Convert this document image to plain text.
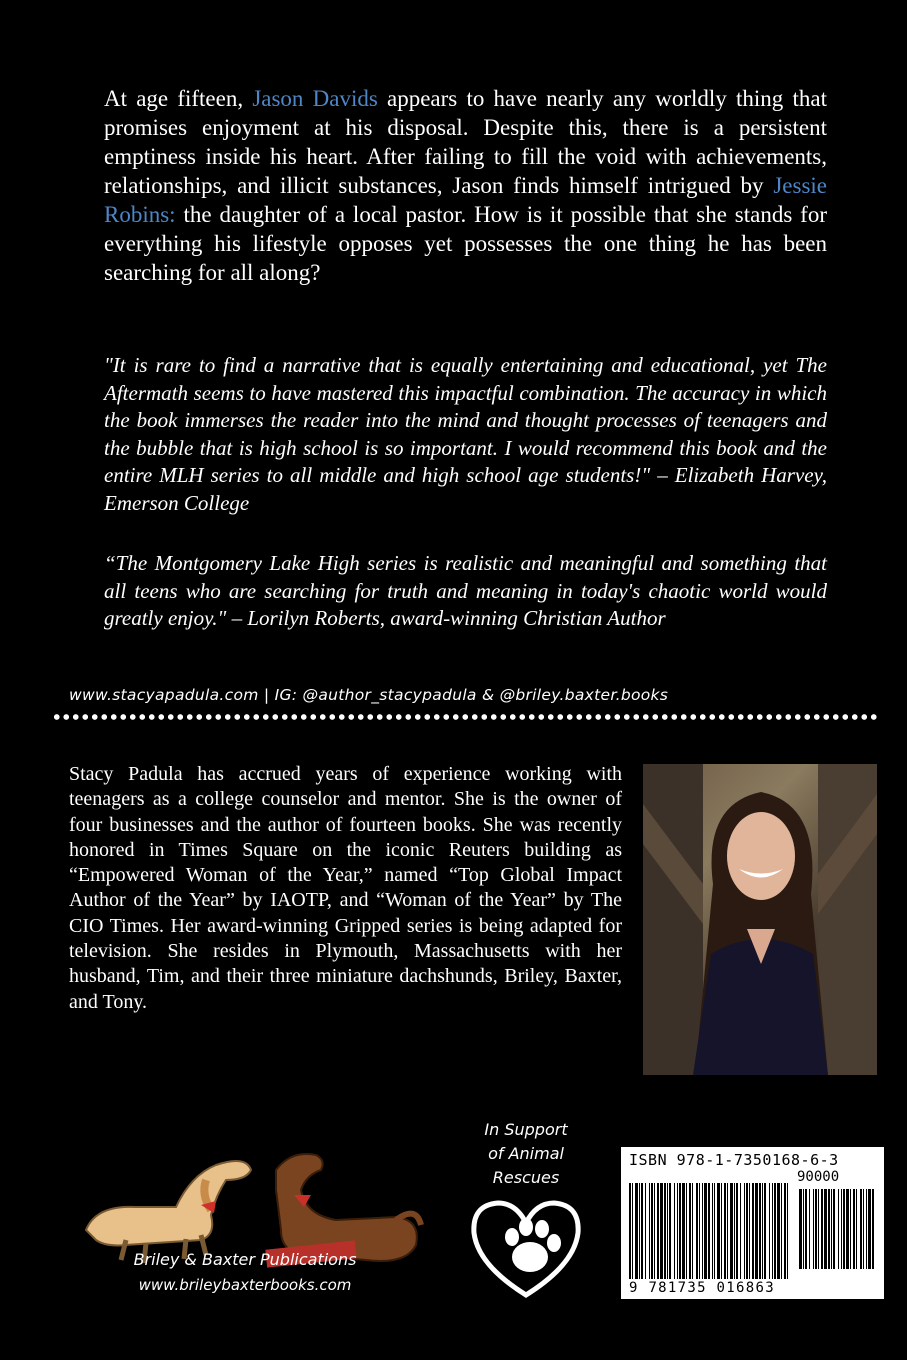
At age fifteen, Jason Davids appears to have nearly any worldly thing that promises enjoyment at his disposal. Despite this, there is a persistent emptiness inside his heart. After failing to fill the void with achievements, relationships, and illicit substances, Jason finds himself intrigued by Jessie Robins: the daughter of a local pastor. How is it possible that she stands for everything his lifestyle opposes yet possesses the one thing he has been searching for all along?
"It is rare to find a narrative that is equally entertaining and educational, yet The Aftermath seems to have mastered this impactful combination. The accuracy in which the book immerses the reader into the mind and thought processes of teenagers and the bubble that is high school is so important. I would recommend this book and the entire MLH series to all middle and high school age students!" – Elizabeth Harvey, Emerson College
“The Montgomery Lake High series is realistic and meaningful and something that all teens who are searching for truth and meaning in today's chaotic world would greatly enjoy." – Lorilyn Roberts, award-winning Christian Author
www.stacyapadula.com | IG: @author_stacypadula & @briley.baxter.books
Stacy Padula has accrued years of experience working with teenagers as a college counselor and mentor. She is the owner of four businesses and the author of fourteen books. She was recently honored in Times Square on the iconic Reuters building as “Empowered Woman of the Year,” named “Top Global Impact Author of the Year” by IAOTP, and “Woman of the Year” by The CIO Times. Her award-winning Gripped series is being adapted for television. She resides in Plymouth, Massachusetts with her husband, Tim, and their three miniature dachshunds, Briley, Baxter, and Tony.
Briley & Baxter Publications
www.brileybaxterbooks.com
In Support
of Animal
Rescues
ISBN 978-1-7350168-6-3
90000
9 781735 016863
